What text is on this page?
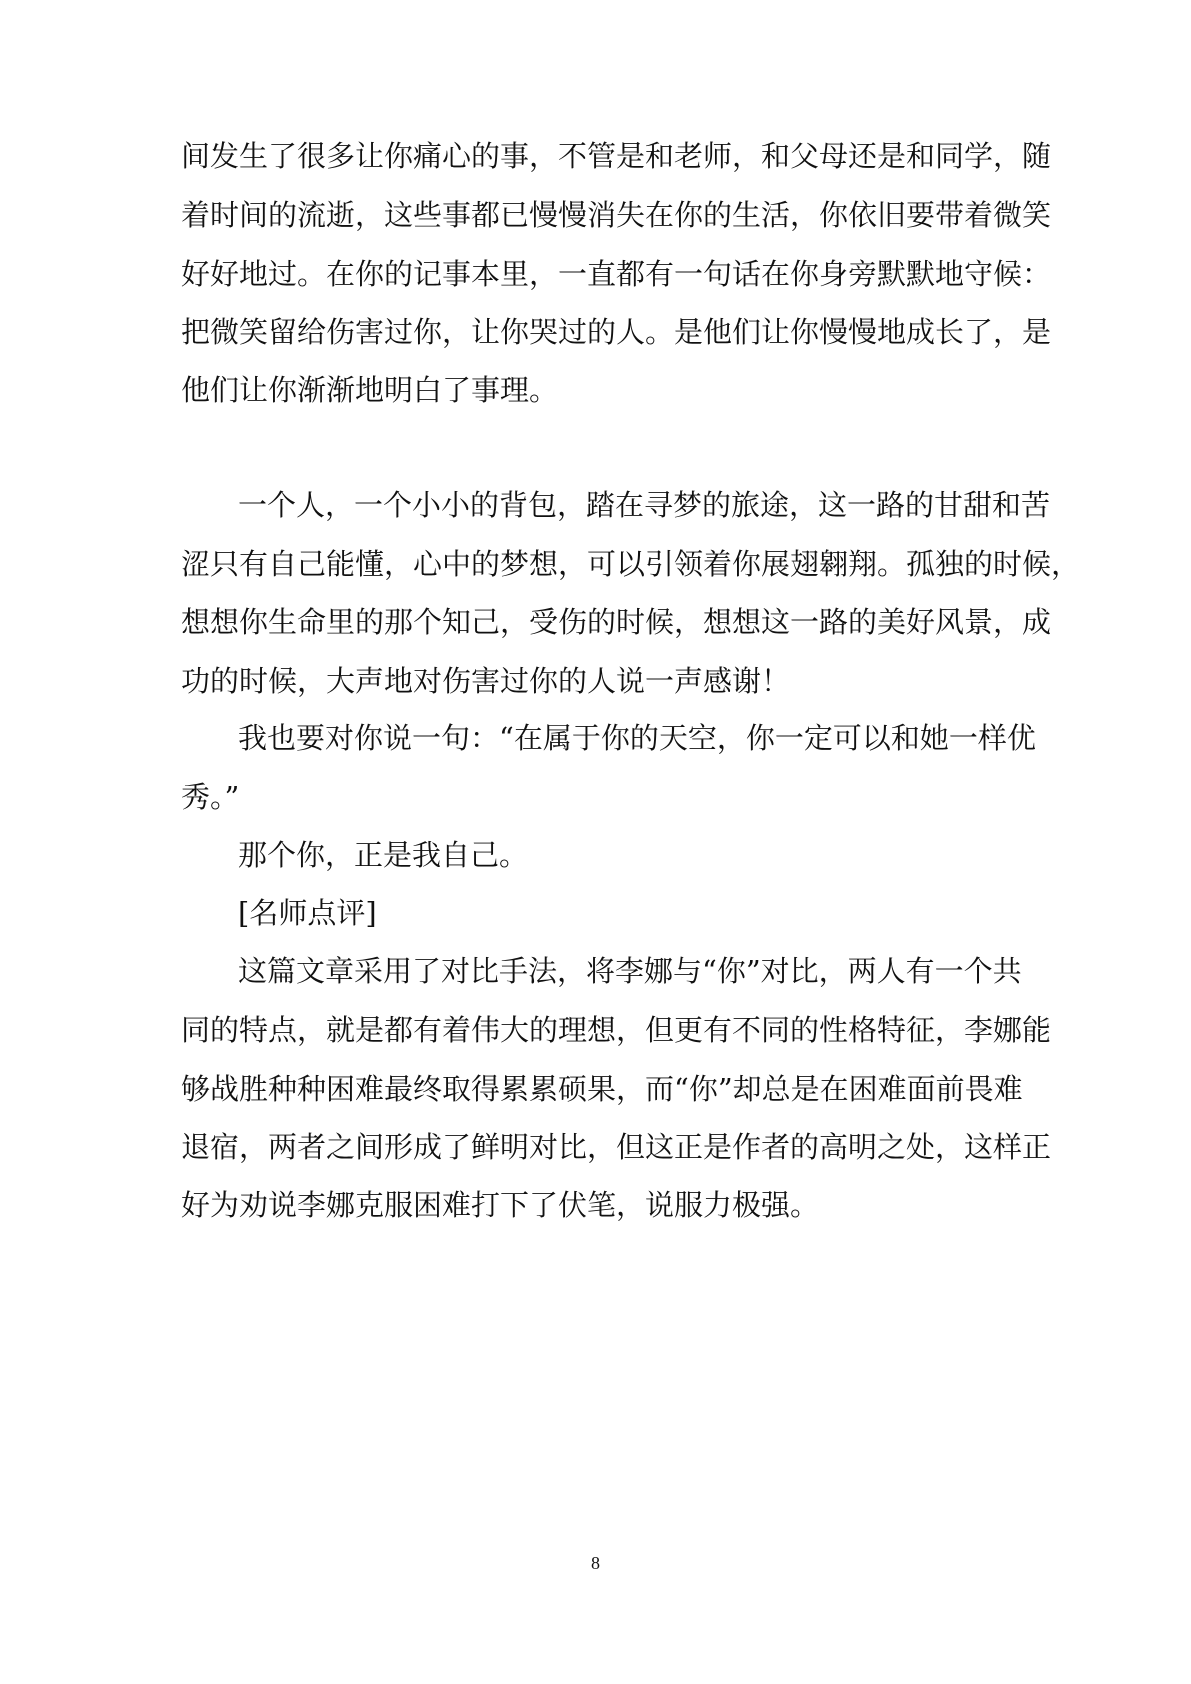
间发生了很多让你痛心的事，不管是和老师，和父母还是和同学，随
着时间的流逝，这些事都已慢慢消失在你的生活，你依旧要带着微笑
好好地过。在你的记事本里，一直都有一句话在你身旁默默地守候：
把微笑留给伤害过你，让你哭过的人。是他们让你慢慢地成长了，是
他们让你渐渐地明白了事理。
一个人，一个小小的背包，踏在寻梦的旅途，这一路的甘甜和苦
涩只有自己能懂，心中的梦想，可以引领着你展翅翱翔。孤独的时候，
想想你生命里的那个知己，受伤的时候，想想这一路的美好风景，成
功的时候，大声地对伤害过你的人说一声感谢！
我也要对你说一句：“在属于你的天空，你一定可以和她一样优
秀。”
那个你，正是我自己。
[名师点评]
这篇文章采用了对比手法，将李娜与“你”对比，两人有一个共
同的特点，就是都有着伟大的理想，但更有不同的性格特征，李娜能
够战胜种种困难最终取得累累硕果，而“你”却总是在困难面前畏难
退宿，两者之间形成了鲜明对比，但这正是作者的高明之处，这样正
好为劝说李娜克服困难打下了伏笔，说服力极强。
8
